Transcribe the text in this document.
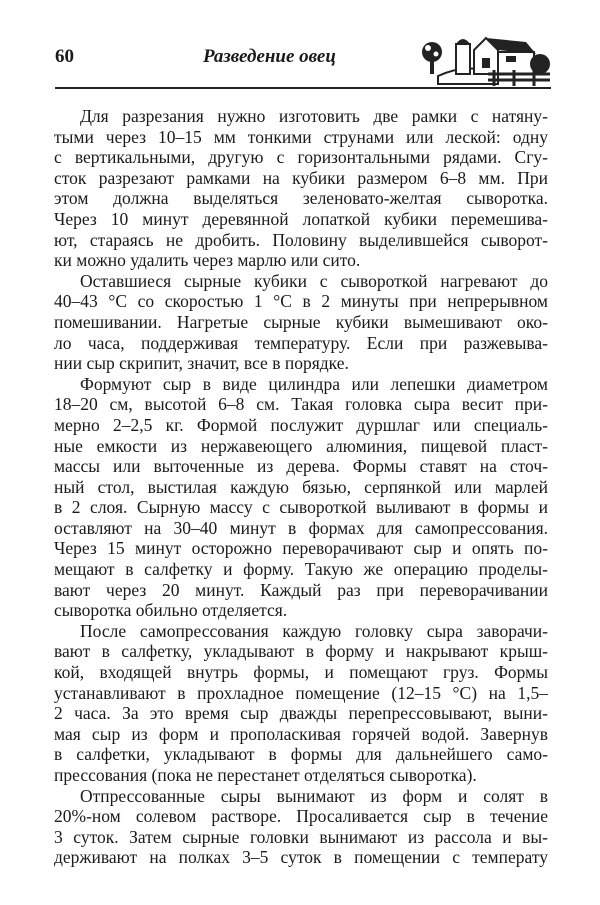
60	Разведение овец
Для разрезания нужно изготовить две рамки с натяну-
тыми через 10–15 мм тонкими струнами или леской: одну
с вертикальными, другую с горизонтальными рядами. Сгу-
сток разрезают рамками на кубики размером 6–8 мм. При
этом должна выделяться зеленовато-желтая сыворотка.
Через 10 минут деревянной лопаткой кубики перемешива-
ют, стараясь не дробить. Половину выделившейся сыворот-
ки можно удалить через марлю или сито.
Оставшиеся сырные кубики с сывороткой нагревают до
40–43 °С со скоростью 1 °С в 2 минуты при непрерывном
помешивании. Нагретые сырные кубики вымешивают око-
ло часа, поддерживая температуру. Если при разжевыва-
нии сыр скрипит, значит, все в порядке.
Формуют сыр в виде цилиндра или лепешки диаметром
18–20 см, высотой 6–8 см. Такая головка сыра весит при-
мерно 2–2,5 кг. Формой послужит дуршлаг или специаль-
ные емкости из нержавеющего алюминия, пищевой пласт-
массы или выточенные из дерева. Формы ставят на сточ-
ный стол, выстилая каждую бязью, серпянкой или марлей
в 2 слоя. Сырную массу с сывороткой выливают в формы и
оставляют на 30–40 минут в формах для самопрессования.
Через 15 минут осторожно переворачивают сыр и опять по-
мещают в салфетку и форму. Такую же операцию проделы-
вают через 20 минут. Каждый раз при переворачивании
сыворотка обильно отделяется.
После самопрессования каждую головку сыра заворачи-
вают в салфетку, укладывают в форму и накрывают крыш-
кой, входящей внутрь формы, и помещают груз. Формы
устанавливают в прохладное помещение (12–15 °С) на 1,5–
2 часа. За это время сыр дважды перепрессовывают, выни-
мая сыр из форм и прополаскивая горячей водой. Завернув
в салфетки, укладывают в формы для дальнейшего само-
прессования (пока не перестанет отделяться сыворотка).
Отпрессованные сыры вынимают из форм и солят в
20%-ном солевом растворе. Просаливается сыр в течение
3 суток. Затем сырные головки вынимают из рассола и вы-
держивают на полках 3–5 суток в помещении с температу
